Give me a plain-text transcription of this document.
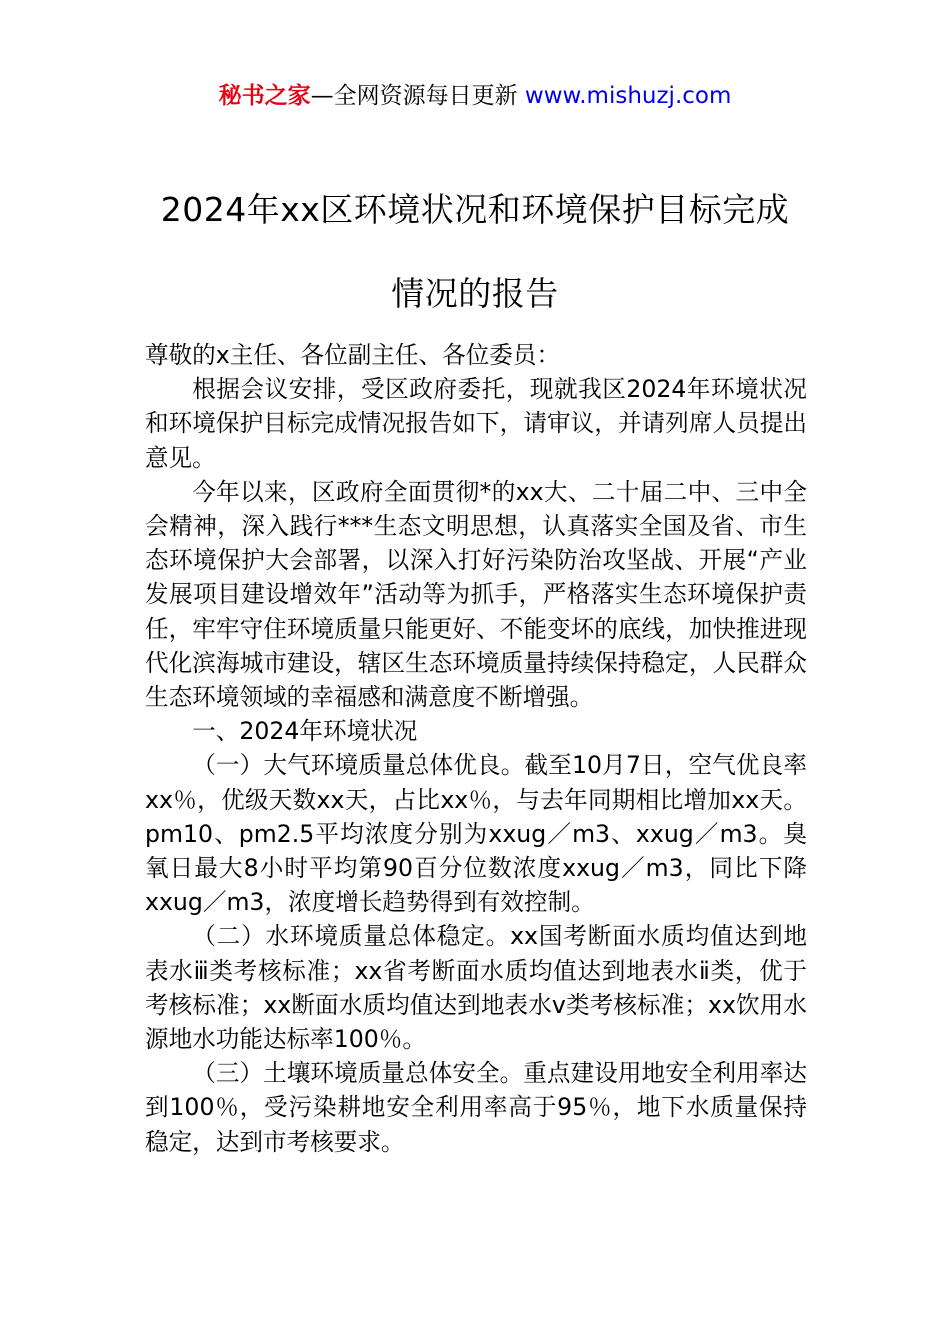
秘书之家—全网资源每日更新 www.mishuzj.com
2024年xx区环境状况和环境保护目标完成
情况的报告

尊敬的x主任、各位副主任、各位委员：

根据会议安排，受区政府委托，现就我区2024年环境状况和环境保护目标完成情况报告如下，请审议，并请列席人员提出意见。

今年以来，区政府全面贯彻*的xx大、二十届二中、三中全会精神，深入践行***生态文明思想，认真落实全国及省、市生态环境保护大会部署，以深入打好污染防治攻坚战、开展“产业发展项目建设增效年”活动等为抓手，严格落实生态环境保护责任，牢牢守住环境质量只能更好、不能变坏的底线，加快推进现代化滨海城市建设，辖区生态环境质量持续保持稳定，人民群众生态环境领域的幸福感和满意度不断增强。

一、2024年环境状况

（一）大气环境质量总体优良。截至10月7日，空气优良率xx％，优级天数xx天，占比xx％，与去年同期相比增加xx天。pm10、pm2.5平均浓度分别为xxug／m3、xxug／m3。臭氧日最大8小时平均第90百分位数浓度xxug／m3，同比下降xxug／m3，浓度增长趋势得到有效控制。

（二）水环境质量总体稳定。xx国考断面水质均值达到地表水ⅲ类考核标准；xx省考断面水质均值达到地表水ⅱ类，优于考核标准；xx断面水质均值达到地表水ⅴ类考核标准；xx饮用水源地水功能达标率100％。

（三）土壤环境质量总体安全。重点建设用地安全利用率达到100％，受污染耕地安全利用率高于95％，地下水质量保持稳定，达到市考核要求。
